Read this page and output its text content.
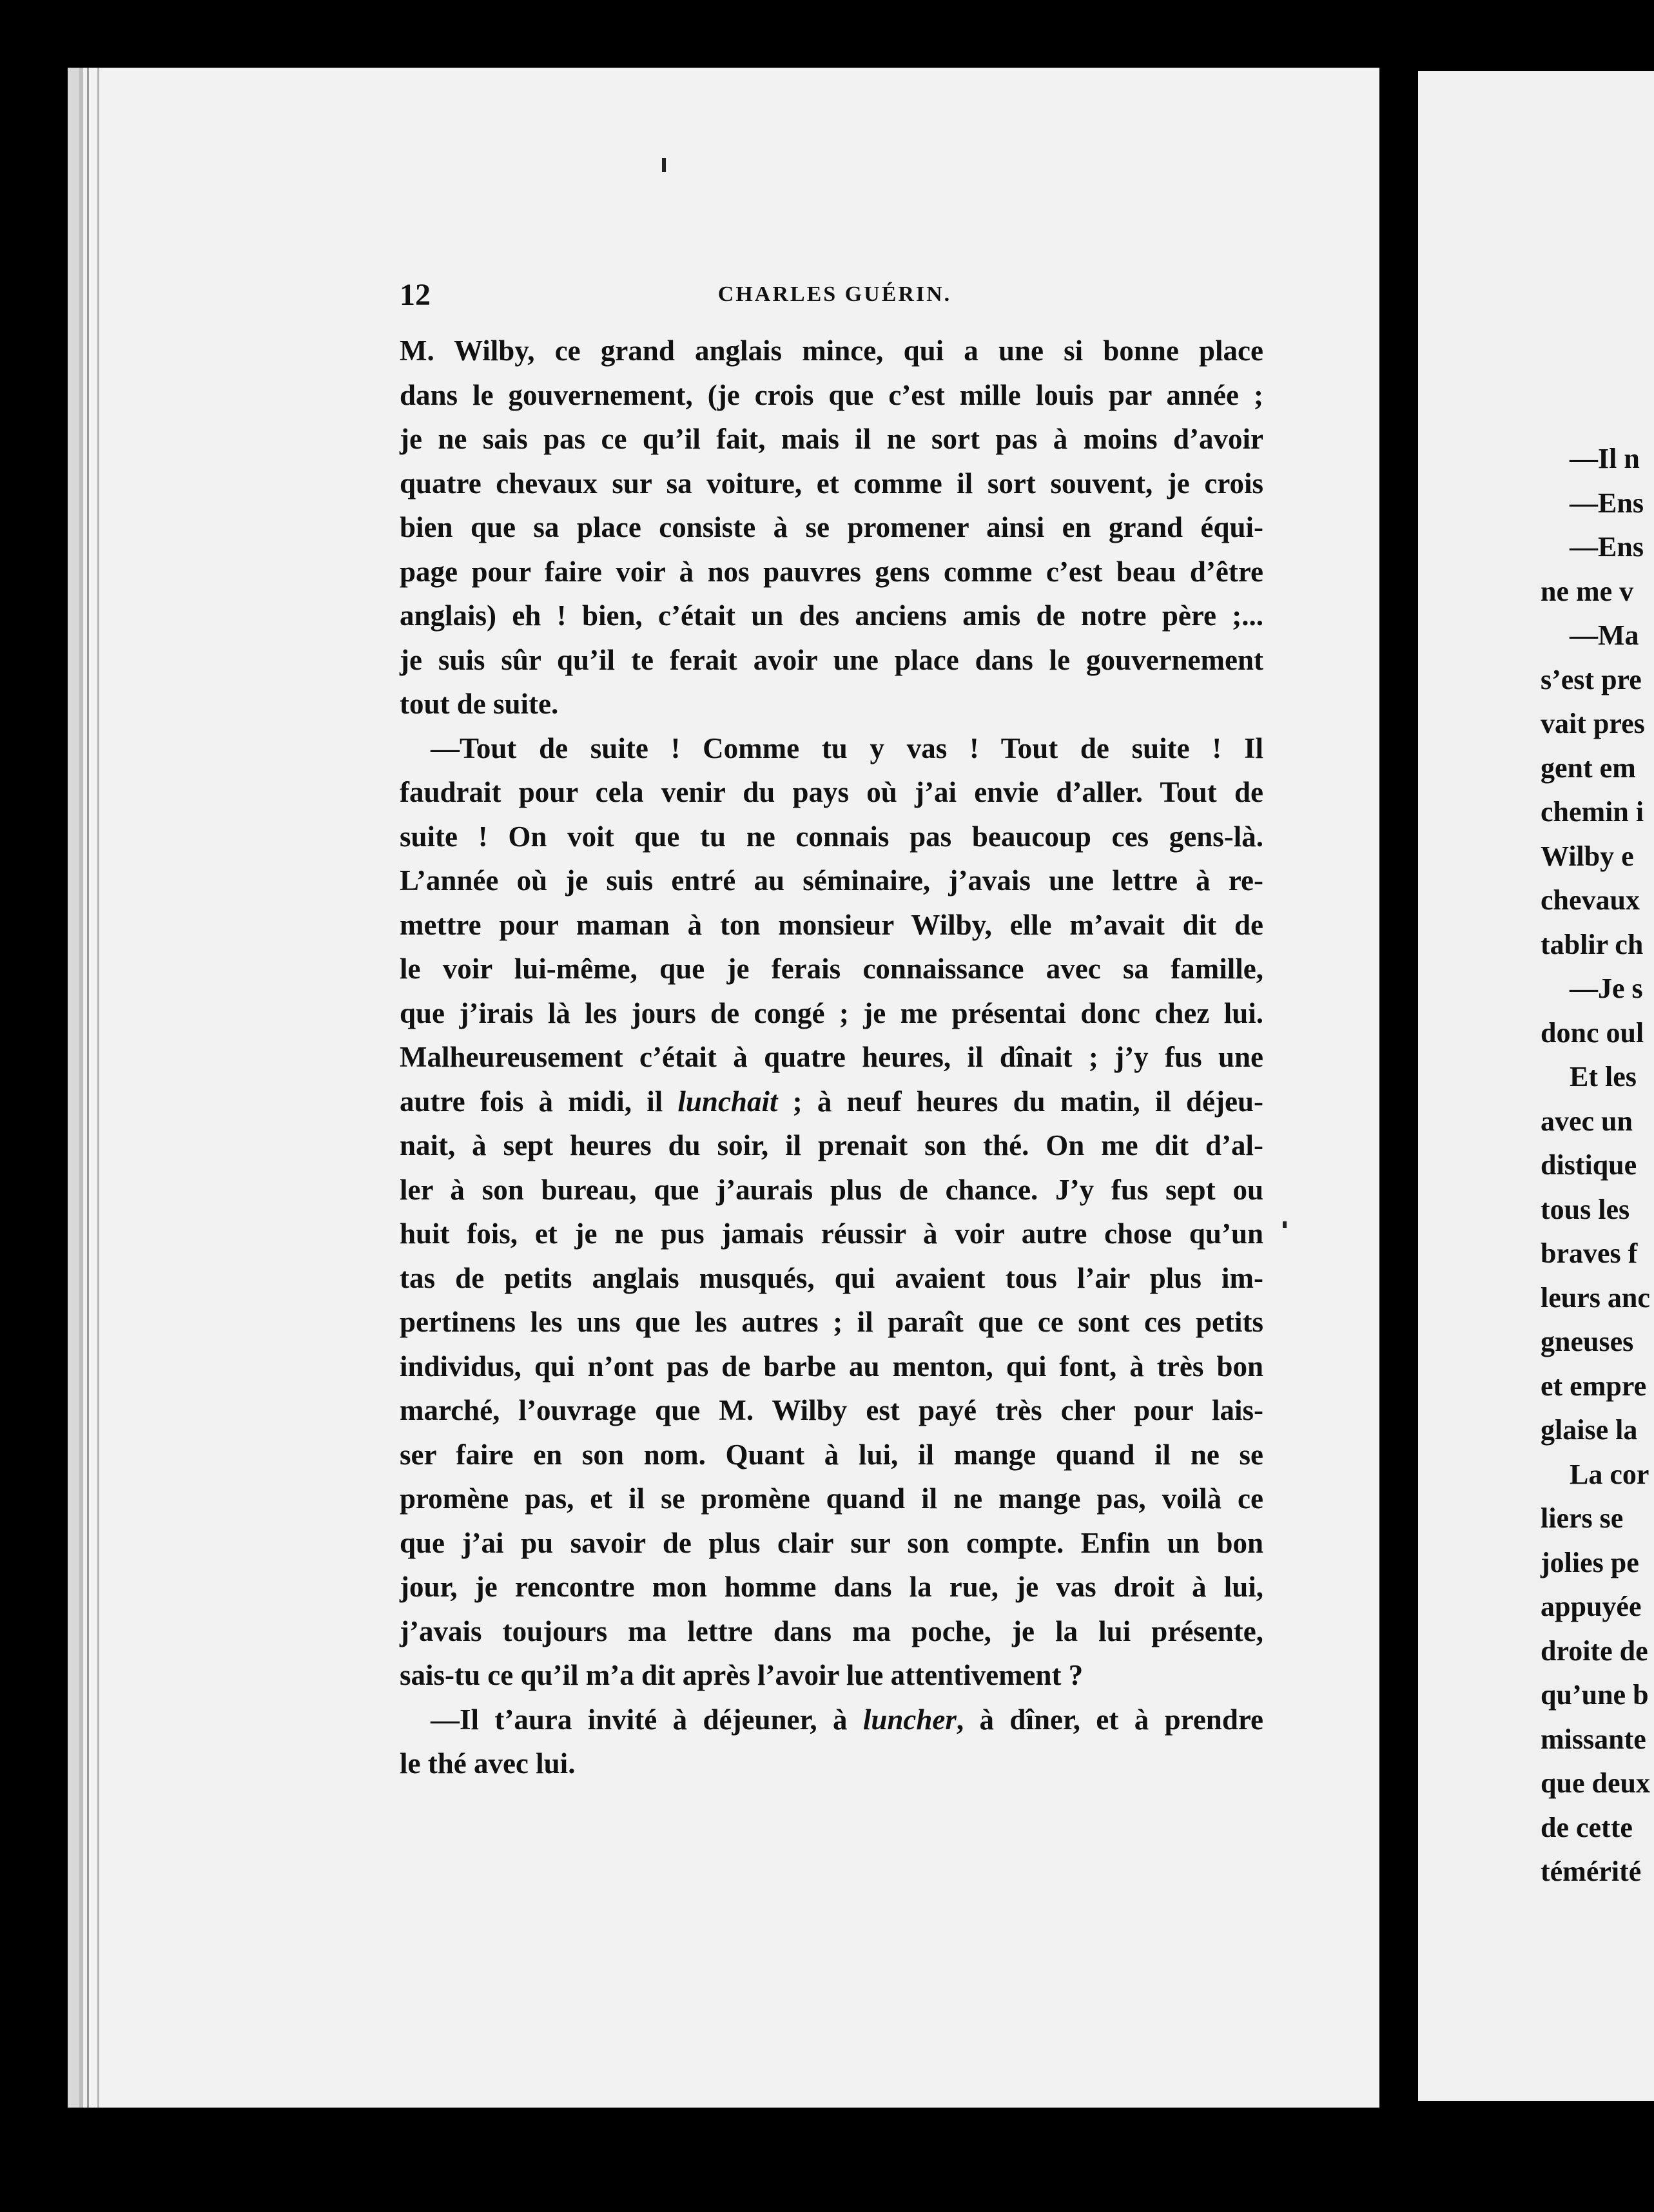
12	CHARLES GUÉRIN.
M. Wilby, ce grand anglais mince, qui a une si bonne place
dans le gouvernement, (je crois que c’est mille louis par année ;
je ne sais pas ce qu’il fait, mais il ne sort pas à moins d’avoir
quatre chevaux sur sa voiture, et comme il sort souvent, je crois
bien que sa place consiste à se promener ainsi en grand équi-
page pour faire voir à nos pauvres gens comme c’est beau d’être
anglais) eh ! bien, c’était un des anciens amis de notre père ;...
je suis sûr qu’il te ferait avoir une place dans le gouvernement
tout de suite.
—Tout de suite ! Comme tu y vas ! Tout de suite ! Il
faudrait pour cela venir du pays où j’ai envie d’aller. Tout de
suite ! On voit que tu ne connais pas beaucoup ces gens-là.
L’année où je suis entré au séminaire, j’avais une lettre à re-
mettre pour maman à ton monsieur Wilby, elle m’avait dit de
le voir lui-même, que je ferais connaissance avec sa famille,
que j’irais là les jours de congé ; je me présentai donc chez lui.
Malheureusement c’était à quatre heures, il dînait ; j’y fus une
autre fois à midi, il lunchait ; à neuf heures du matin, il déjeu-
nait, à sept heures du soir, il prenait son thé. On me dit d’al-
ler à son bureau, que j’aurais plus de chance. J’y fus sept ou
huit fois, et je ne pus jamais réussir à voir autre chose qu’un
tas de petits anglais musqués, qui avaient tous l’air plus im-
pertinens les uns que les autres ; il paraît que ce sont ces petits
individus, qui n’ont pas de barbe au menton, qui font, à très bon
marché, l’ouvrage que M. Wilby est payé très cher pour lais-
ser faire en son nom. Quant à lui, il mange quand il ne se
promène pas, et il se promène quand il ne mange pas, voilà ce
que j’ai pu savoir de plus clair sur son compte. Enfin un bon
jour, je rencontre mon homme dans la rue, je vas droit à lui,
j’avais toujours ma lettre dans ma poche, je la lui présente,
sais-tu ce qu’il m’a dit après l’avoir lue attentivement ?
—Il t’aura invité à déjeuner, à luncher, à dîner, et à prendre
le thé avec lui.
—Il n
—Ens
—Ens
ne me v
—Ma
s’est pre
vait pres
gent em
chemin i
Wilby e
chevaux
tablir ch
—Je s
donc oul
Et les
avec un
distique
tous les
braves f
leurs anc
gneuses
et empre
glaise la
La cor
liers se
jolies pe
appuyée
droite de
qu’une b
missante
que deux
de cette
témérité
